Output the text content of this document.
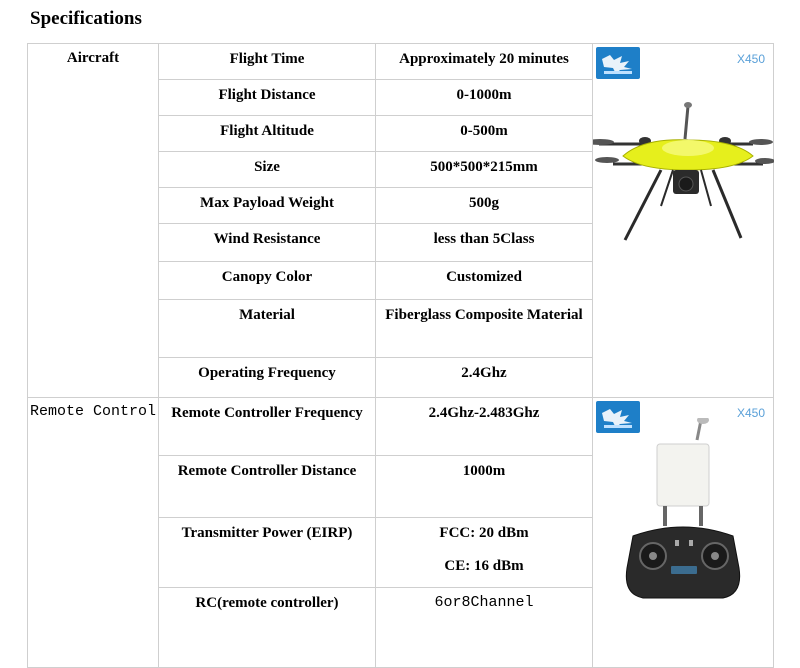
Specifications
Aircraft	Flight Time	Approximately 20 minutes	X450

	Flight Distance	0-1000m	
	Flight Altitude	0-500m	
	Size	500*500*215mm	
	Max Payload Weight	500g	
	Wind Resistance	less than 5Class	
	Canopy Color	Customized	
	Material	Fiberglass Composite Material	
	Operating Frequency	2.4Ghz	
Remote Control	Remote Controller Frequency	2.4Ghz-2.483Ghz	X450

	Remote Controller Distance	1000m	
	Transmitter Power (EIRP)	FCC: 20 dBm

CE: 16 dBm	

	RC(remote controller)	6or8Channel	
